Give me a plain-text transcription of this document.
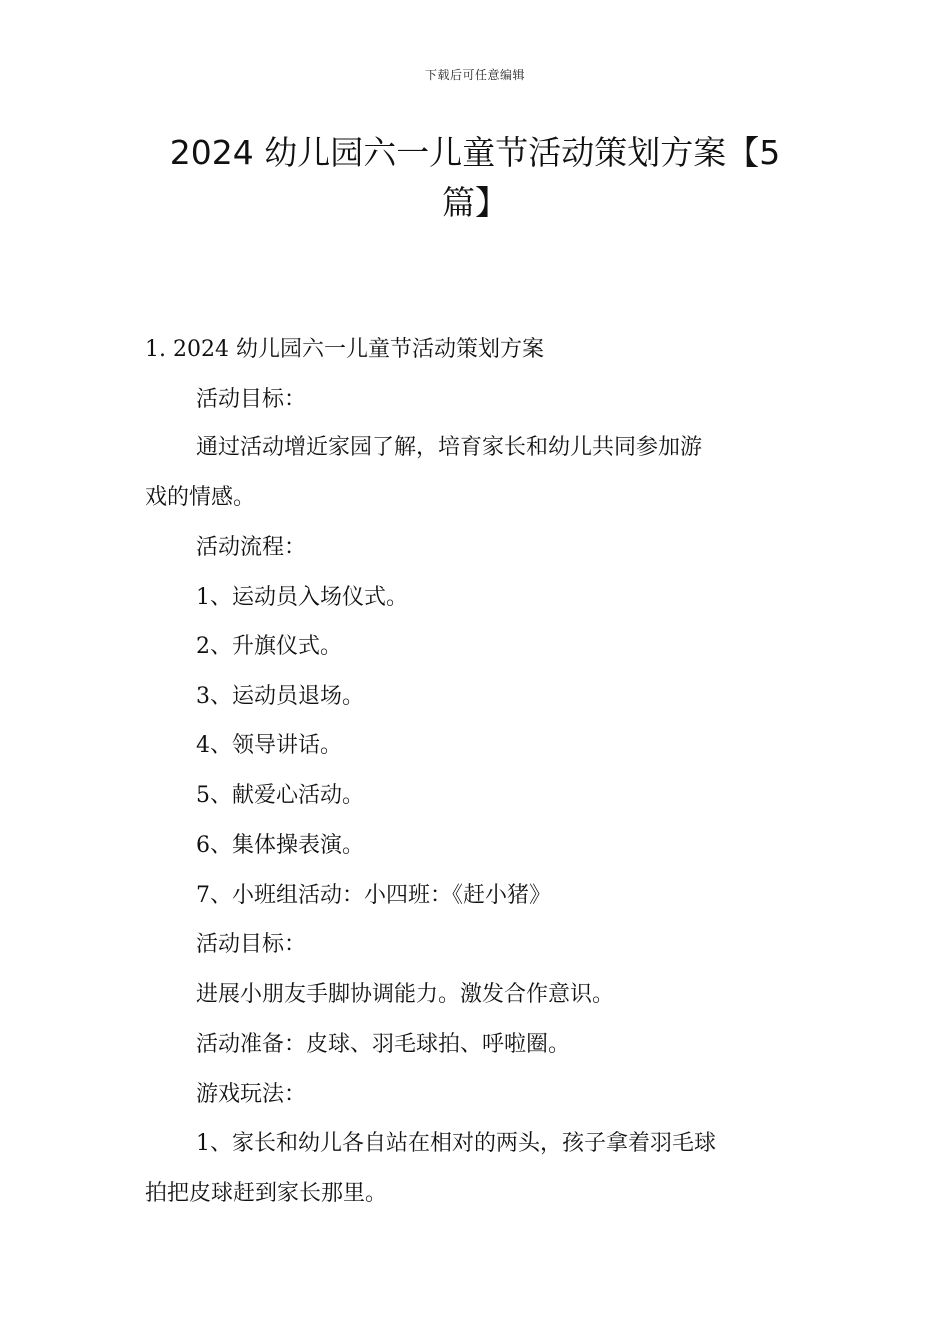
下载后可任意编辑
2024 幼儿园六一儿童节活动策划方案【5
篇】
1. 2024 幼儿园六一儿童节活动策划方案
活动目标：
通过活动增近家园了解，培育家长和幼儿共同参加游
戏的情感。
活动流程：
1、运动员入场仪式。
2、升旗仪式。
3、运动员退场。
4、领导讲话。
5、献爱心活动。
6、集体操表演。
7、小班组活动：小四班：《赶小猪》
活动目标：
进展小朋友手脚协调能力。激发合作意识。
活动准备：皮球、羽毛球拍、呼啦圈。
游戏玩法：
1、家长和幼儿各自站在相对的两头，孩子拿着羽毛球
拍把皮球赶到家长那里。
